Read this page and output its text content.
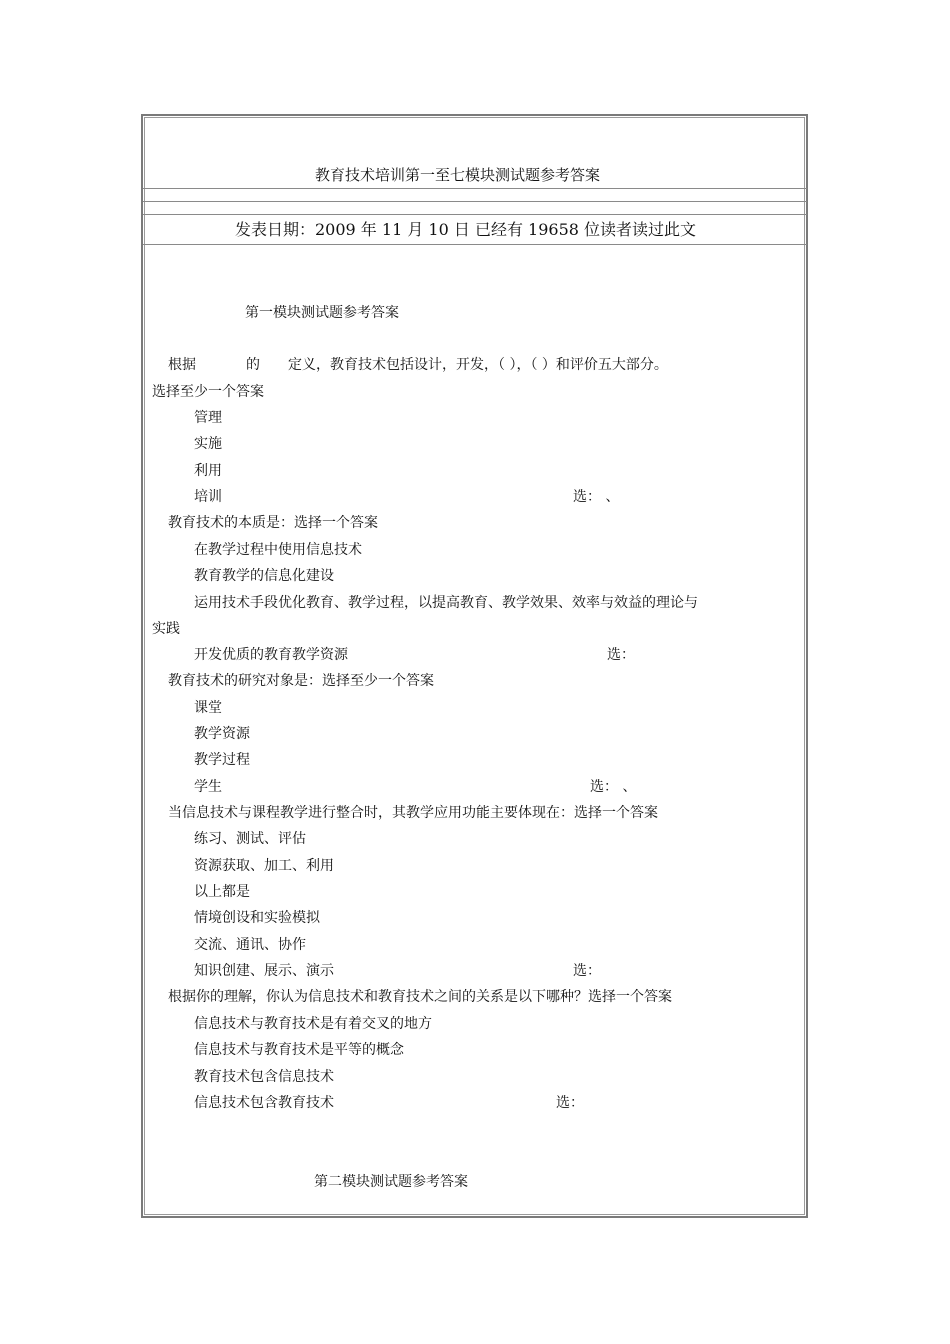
教育技术培训第一至七模块测试题参考答案
发表日期：2009 年 11 月 10 日 已经有 19658 位读者读过此文
第一模块测试题参考答案
根据	的 定义，教育技术包括设计，开发，（ ），（ ）和评价五大部分。
选择至少一个答案
管理
实施
利用
培训	选： 、
教育技术的本质是：选择一个答案
在教学过程中使用信息技术
教育教学的信息化建设
运用技术手段优化教育、教学过程，以提高教育、教学效果、效率与效益的理论与
实践
开发优质的教育教学资源	选：
教育技术的研究对象是：选择至少一个答案
课堂
教学资源
教学过程
学生	选： 、
当信息技术与课程教学进行整合时，其教学应用功能主要体现在：选择一个答案
练习、测试、评估
资源获取、加工、利用
以上都是
情境创设和实验模拟
交流、通讯、协作
知识创建、展示、演示	选：
根据你的理解，你认为信息技术和教育技术之间的关系是以下哪种？选择一个答案
信息技术与教育技术是有着交叉的地方
信息技术与教育技术是平等的概念
教育技术包含信息技术
信息技术包含教育技术	选：
第二模块测试题参考答案
